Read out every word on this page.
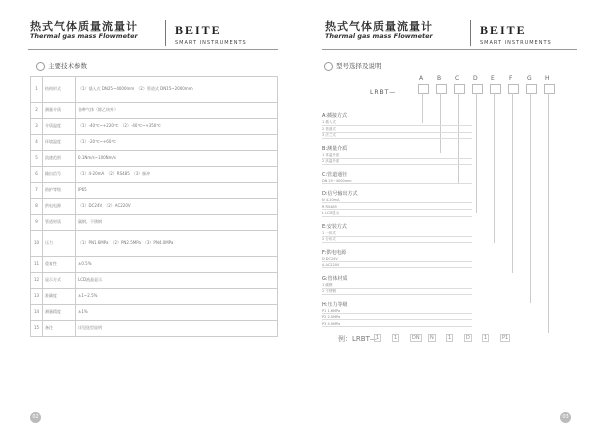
热式气体质量流量计
Thermal gas mass Flowmeter	BEITE
SMART INSTRUMENTS
主要技术参数
1	结构形式	（1）插入式 DN25~4000mm　（2）管道式 DN15~2000mm
2	测量介质	各种气体（除乙炔外）
3	介质温度	（1）-40℃~+220℃　（2）-40℃~+350℃
4	环境温度	（1）-20℃~+60℃
5	流速范围	0.1Nm/s~100Nm/s
6	输出信号	（1）4-20mA　（2）RS485　（3）脉冲
7	防护等级	IP65
8	供电电源	（1）DC24V　（2）AC220V
9	管道材质	碳钢、不锈钢
10	压力	（1）PN1.6MPa　（2）PN2.5MPa　（3）PN4.0MPa
11	重复性	±0.5%
12	显示方式	LCD液晶显示
13	准确度	±1~2.5%
14	测量精度	±1%
15	备注	详见选型说明
02
热式气体质量流量计
Thermal gas mass Flowmeter	BEITE
SMART INSTRUMENTS
型号选择及说明
03
LRBT—
A B C D E F G H
A:插接方式
1 插入式
2 管道式
3 法兰式
B:测量介质
1 常温介质
2 高温介质
C:管道通径
DN 25~4000mm
D:信号输出方式
N 4-20mA
R RS485
L LCD显示
E:安装方式
1 一体式
2 分体式
F:供电电源
D DC24V
A AC220V
G:管体材质
1 碳钢
2 不锈钢
H:压力等级
P1 1.6MPa
P2 2.5MPa
P3 4.0MPa
例：LRBT— 1	1	DN	N	1	D	1	P1
